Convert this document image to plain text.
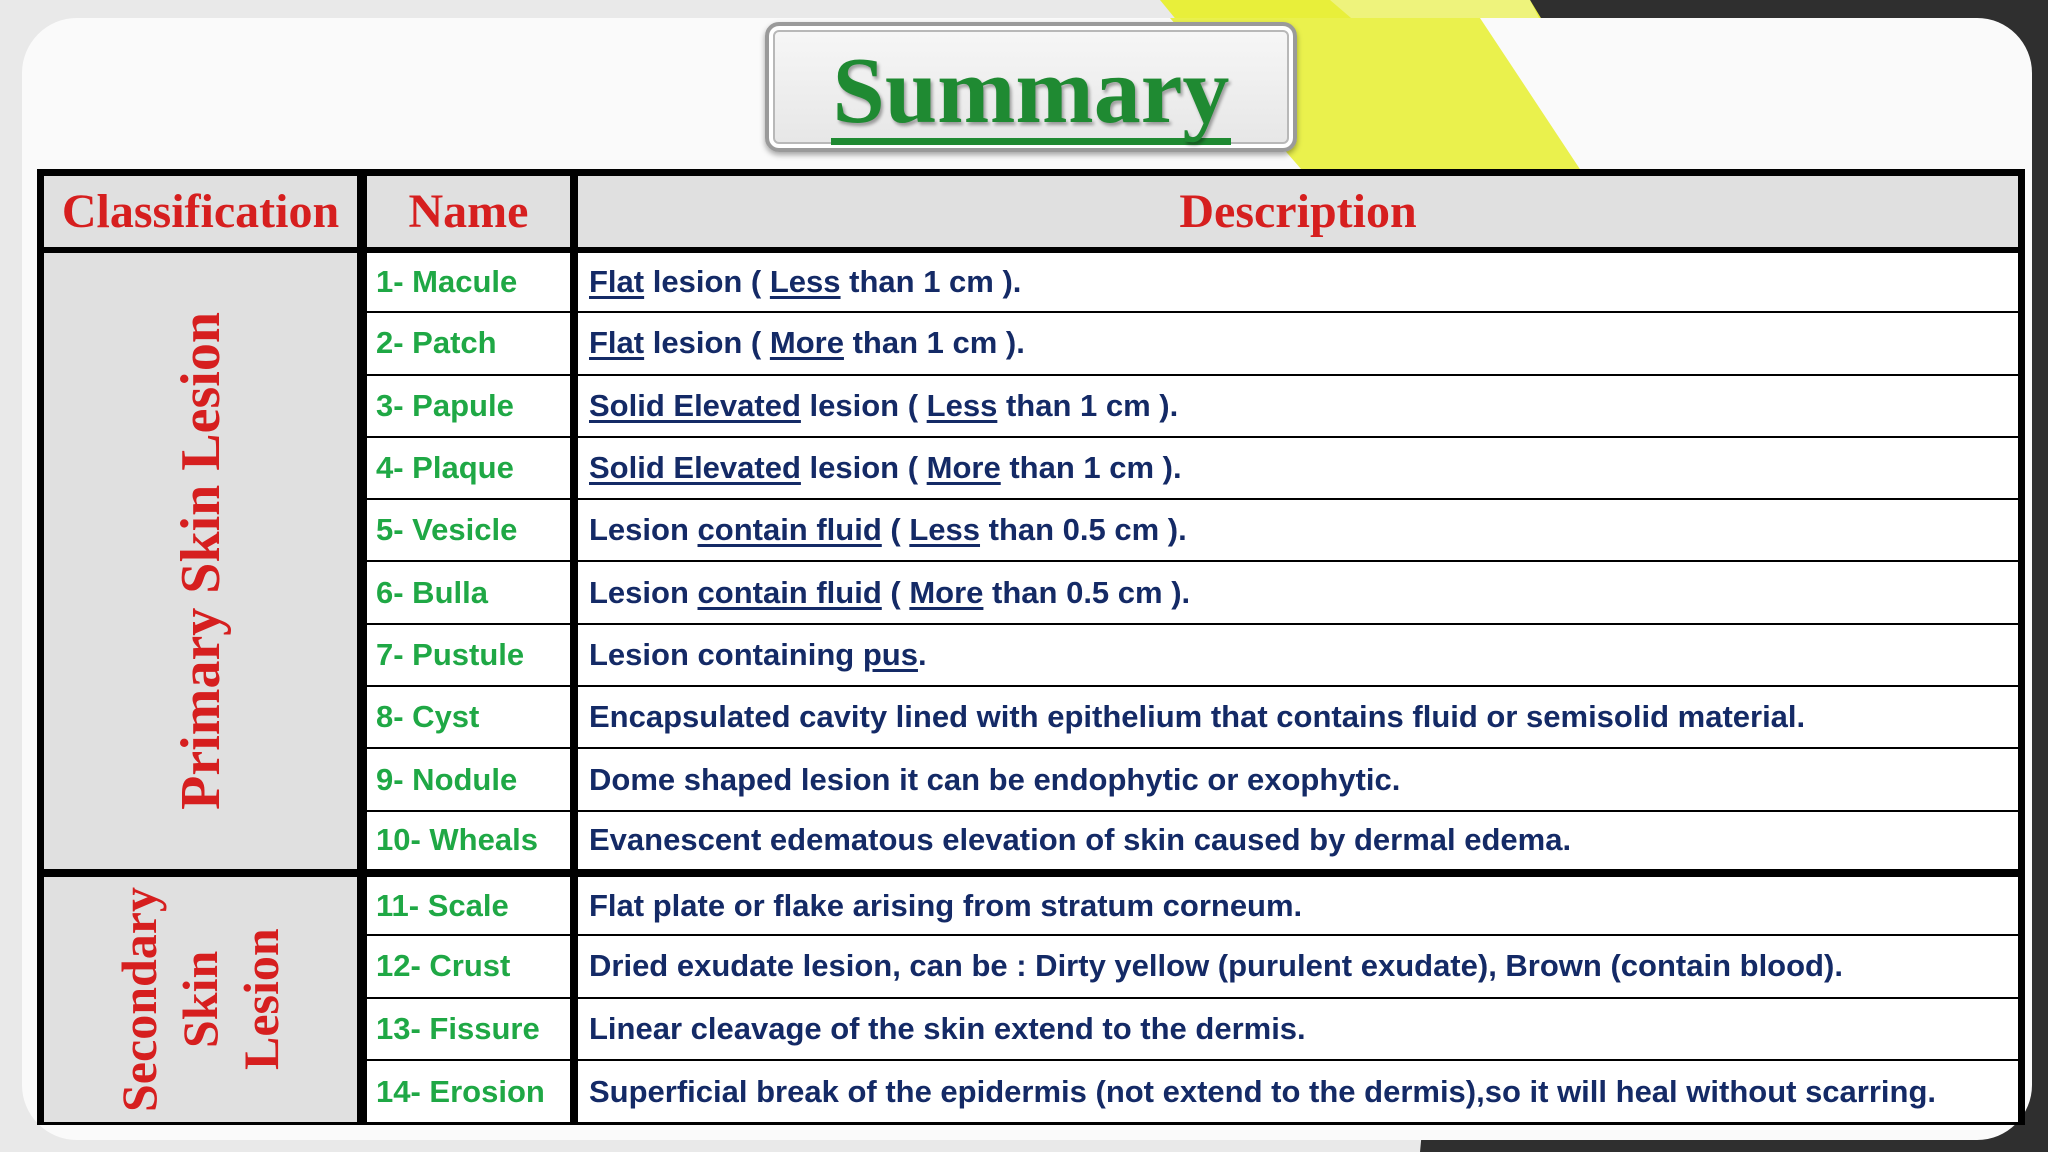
Summary
Classification	Name	Description

Primary Skin Lesion	1- Macule	Flat lesion ( Less than 1 cm ).
	2- Patch	Flat lesion ( More than 1 cm ).
	3- Papule	Solid Elevated lesion ( Less than 1 cm ).
	4- Plaque	Solid Elevated lesion ( More than 1 cm ).
	5- Vesicle	Lesion contain fluid ( Less than 0.5 cm ).
	6- Bulla	Lesion contain fluid ( More than 0.5 cm ).
	7- Pustule	Lesion containing pus.
	8- Cyst	Encapsulated cavity lined with epithelium that contains fluid or semisolid material.
	9- Nodule	Dome shaped lesion it can be endophytic or exophytic.
	10- Wheals	Evanescent edematous elevation of skin caused by dermal edema.

Secondary Skin Lesion	11- Scale	Flat plate or flake arising from stratum corneum.
	12- Crust	Dried exudate lesion, can be : Dirty yellow (purulent exudate), Brown (contain blood).
	13- Fissure	Linear cleavage of the skin extend to the dermis.
	14- Erosion	Superficial break of the epidermis (not extend to the dermis),so it will heal without scarring.
